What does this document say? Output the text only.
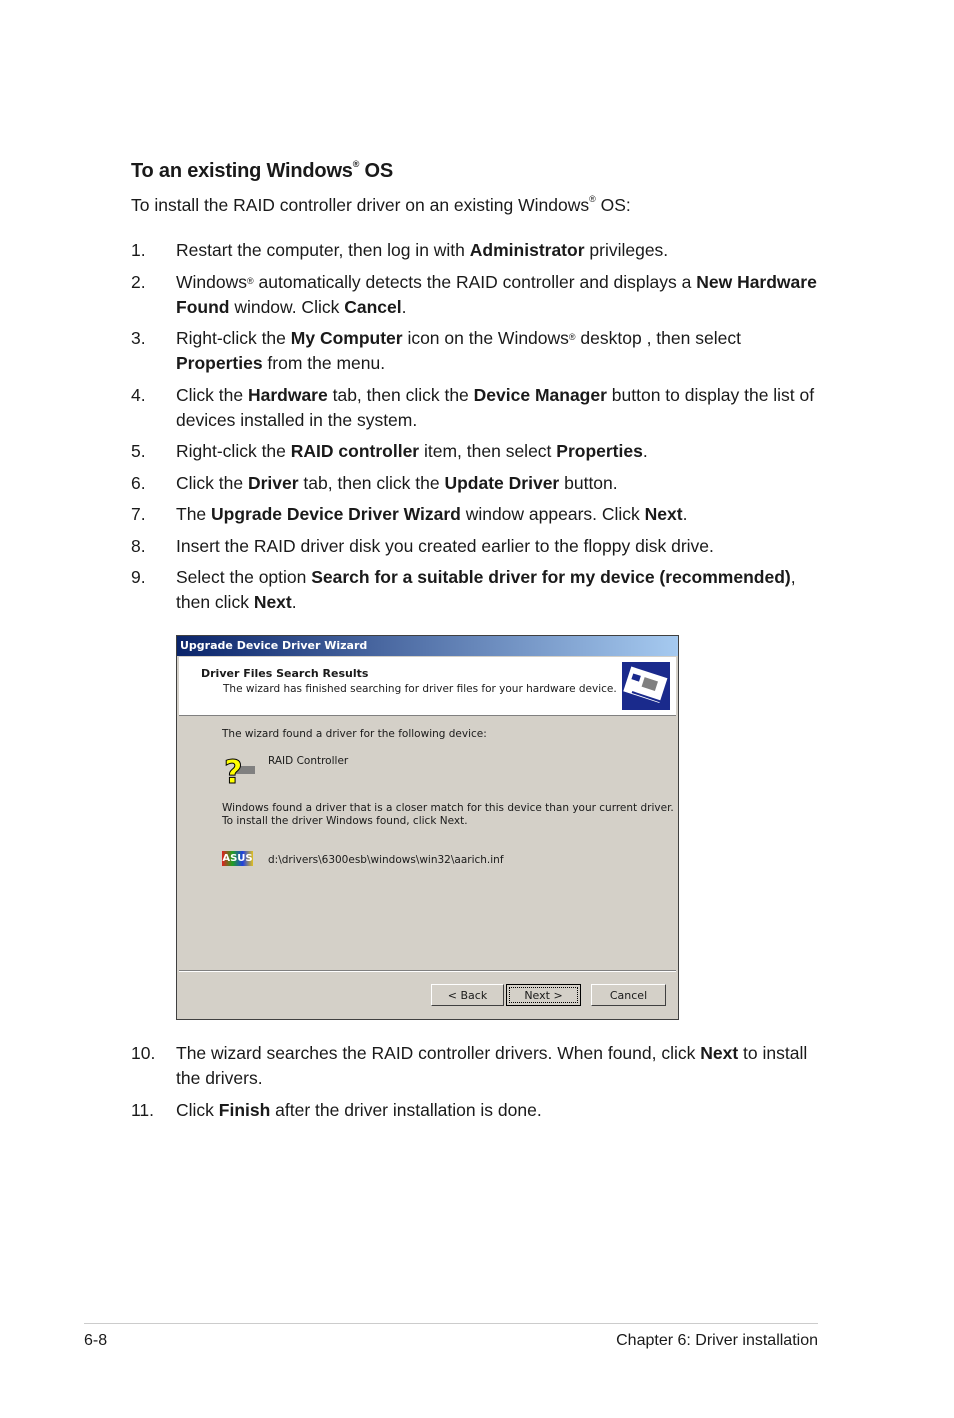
To an existing Windows® OS
To install the RAID controller driver on an existing Windows® OS:
1. Restart the computer, then log in with Administrator privileges.
2. Windows® automatically detects the RAID controller and displays a New Hardware Found window. Click Cancel.
3. Right-click the My Computer icon on the Windows® desktop , then select Properties from the menu.
4. Click the Hardware tab, then click the Device Manager button to display the list of devices installed in the system.
5. Right-click the RAID controller item, then select Properties.
6. Click the Driver tab, then click the Update Driver button.
7. The Upgrade Device Driver Wizard window appears. Click Next.
8. Insert the RAID driver disk you created earlier to the floppy disk drive.
9. Select the option Search for a suitable driver for my device (recommended), then click Next.
Upgrade Device Driver Wizard
Driver Files Search Results
The wizard has finished searching for driver files for your hardware device.
The wizard found a driver for the following device:
? RAID Controller
Windows found a driver that is a closer match for this device than your current driver.
To install the driver Windows found, click Next.
ASUS d:\drivers\6300esb\windows\win32\aarich.inf
< Back	Next >	Cancel
10. The wizard searches the RAID controller drivers. When found, click Next to install the drivers.
11. Click Finish after the driver installation is done.
6-8	Chapter 6: Driver installation
